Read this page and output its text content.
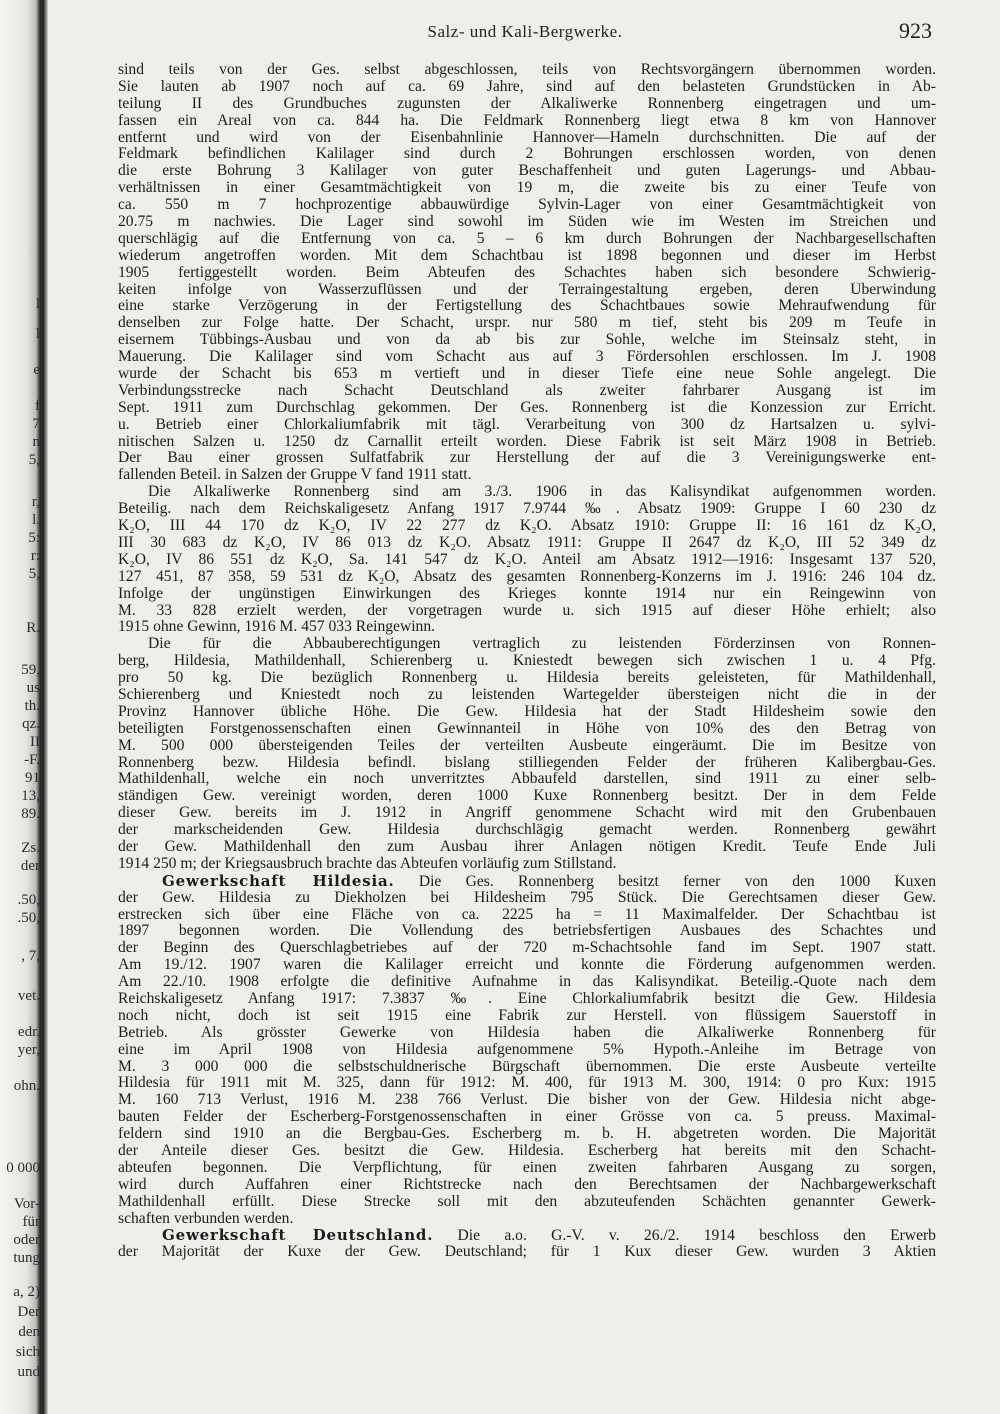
l
l
e
f
7
n
5,
r,
l.
5:
r:
5,
R.
59,
us
th.
qz.
II
-F.
91
13,
89.
Zs.
der
.50,
.50,
, 7,
vet.
edr.
yer,
ohn.
0 000
Vor-
für
oder
tung
a, 2)
Der
den
sich
und
Salz- und Kali-Bergwerke.	923
sind teils von der Ges. selbst abgeschlossen, teils von Rechtsvorgängern übernommen worden.
Sie lauten ab 1907 noch auf ca. 69 Jahre, sind auf den belasteten Grundstücken in Ab-
teilung II des Grundbuches zugunsten der Alkaliwerke Ronnenberg eingetragen und um-
fassen ein Areal von ca. 844 ha. Die Feldmark Ronnenberg liegt etwa 8 km von Hannover
entfernt und wird von der Eisenbahnlinie Hannover—Hameln durchschnitten. Die auf der
Feldmark befindlichen Kalilager sind durch 2 Bohrungen erschlossen worden, von denen
die erste Bohrung 3 Kalilager von guter Beschaffenheit und guten Lagerungs- und Abbau-
verhältnissen in einer Gesamtmächtigkeit von 19 m, die zweite bis zu einer Teufe von
ca. 550 m 7 hochprozentige abbauwürdige Sylvin-Lager von einer Gesamtmächtigkeit von
20.75 m nachwies. Die Lager sind sowohl im Süden wie im Westen im Streichen und
querschlägig auf die Entfernung von ca. 5 – 6 km durch Bohrungen der Nachbargesellschaften
wiederum angetroffen worden. Mit dem Schachtbau ist 1898 begonnen und dieser im Herbst
1905 fertiggestellt worden. Beim Abteufen des Schachtes haben sich besondere Schwierig-
keiten infolge von Wasserzuflüssen und der Terraingestaltung ergeben, deren Überwindung
eine starke Verzögerung in der Fertigstellung des Schachtbaues sowie Mehraufwendung für
denselben zur Folge hatte. Der Schacht, urspr. nur 580 m tief, steht bis 209 m Teufe in
eisernem Tübbings-Ausbau und von da ab bis zur Sohle, welche im Steinsalz steht, in
Mauerung. Die Kalilager sind vom Schacht aus auf 3 Fördersohlen erschlossen. Im J. 1908
wurde der Schacht bis 653 m vertieft und in dieser Tiefe eine neue Sohle angelegt. Die
Verbindungsstrecke nach Schacht Deutschland als zweiter fahrbarer Ausgang ist im
Sept. 1911 zum Durchschlag gekommen. Der Ges. Ronnenberg ist die Konzession zur Erricht.
u. Betrieb einer Chlorkaliumfabrik mit tägl. Verarbeitung von 300 dz Hartsalzen u. sylvi-
nitischen Salzen u. 1250 dz Carnallit erteilt worden. Diese Fabrik ist seit März 1908 in Betrieb.
Der Bau einer grossen Sulfatfabrik zur Herstellung der auf die 3 Vereinigungswerke ent-
fallenden Beteil. in Salzen der Gruppe V fand 1911 statt.
Die Alkaliwerke Ronnenberg sind am 3./3. 1906 in das Kalisyndikat aufgenommen worden.
Beteilig. nach dem Reichskaligesetz Anfang 1917 7.9744 ‰. Absatz 1909: Gruppe I 60 230 dz
K₂O, III 44 170 dz K₂O, IV 22 277 dz K₂O. Absatz 1910: Gruppe II: 16 161 dz K₂O,
III 30 683 dz K₂O, IV 86 013 dz K₂O. Absatz 1911: Gruppe II 2647 dz K₂O, III 52 349 dz
K₂O, IV 86 551 dz K₂O, Sa. 141 547 dz K₂O. Anteil am Absatz 1912—1916: Insgesamt 137 520,
127 451, 87 358, 59 531 dz K₂O, Absatz des gesamten Ronnenberg-Konzerns im J. 1916: 246 104 dz.
Infolge der ungünstigen Einwirkungen des Krieges konnte 1914 nur ein Reingewinn von
M. 33 828 erzielt werden, der vorgetragen wurde u. sich 1915 auf dieser Höhe erhielt; also
1915 ohne Gewinn, 1916 M. 457 033 Reingewinn.
Die für die Abbauberechtigungen vertraglich zu leistenden Förderzinsen von Ronnen-
berg, Hildesia, Mathildenhall, Schierenberg u. Kniestedt bewegen sich zwischen 1 u. 4 Pfg.
pro 50 kg. Die bezüglich Ronnenberg u. Hildesia bereits geleisteten, für Mathildenhall,
Schierenberg und Kniestedt noch zu leistenden Wartegelder übersteigen nicht die in der
Provinz Hannover übliche Höhe. Die Gew. Hildesia hat der Stadt Hildesheim sowie den
beteiligten Forstgenossenschaften einen Gewinnanteil in Höhe von 10% des den Betrag von
M. 500 000 übersteigenden Teiles der verteilten Ausbeute eingeräumt. Die im Besitze von
Ronnenberg bezw. Hildesia befindl. bislang stilliegenden Felder der früheren Kalibergbau-Ges.
Mathildenhall, welche ein noch unverritztes Abbaufeld darstellen, sind 1911 zu einer selb-
ständigen Gew. vereinigt worden, deren 1000 Kuxe Ronnenberg besitzt. Der in dem Felde
dieser Gew. bereits im J. 1912 in Angriff genommene Schacht wird mit den Grubenbauen
der markscheidenden Gew. Hildesia durchschlägig gemacht werden. Ronnenberg gewährt
der Gew. Mathildenhall den zum Ausbau ihrer Anlagen nötigen Kredit. Teufe Ende Juli
1914 250 m; der Kriegsausbruch brachte das Abteufen vorläufig zum Stillstand.
Gewerkschaft Hildesia. Die Ges. Ronnenberg besitzt ferner von den 1000 Kuxen
der Gew. Hildesia zu Diekholzen bei Hildesheim 795 Stück. Die Gerechtsamen dieser Gew.
erstrecken sich über eine Fläche von ca. 2225 ha = 11 Maximalfelder. Der Schachtbau ist
1897 begonnen worden. Die Vollendung des betriebsfertigen Ausbaues des Schachtes und
der Beginn des Querschlagbetriebes auf der 720 m-Schachtsohle fand im Sept. 1907 statt.
Am 19./12. 1907 waren die Kalilager erreicht und konnte die Förderung aufgenommen werden.
Am 22./10. 1908 erfolgte die definitive Aufnahme in das Kalisyndikat. Beteilig.-Quote nach dem
Reichskaligesetz Anfang 1917: 7.3837 ‰. Eine Chlorkaliumfabrik besitzt die Gew. Hildesia
noch nicht, doch ist seit 1915 eine Fabrik zur Herstell. von flüssigem Sauerstoff in
Betrieb. Als grösster Gewerke von Hildesia haben die Alkaliwerke Ronnenberg für
eine im April 1908 von Hildesia aufgenommene 5% Hypoth.-Anleihe im Betrage von
M. 3 000 000 die selbstschuldnerische Bürgschaft übernommen. Die erste Ausbeute verteilte
Hildesia für 1911 mit M. 325, dann für 1912: M. 400, für 1913 M. 300, 1914: 0 pro Kux: 1915
M. 160 713 Verlust, 1916 M. 238 766 Verlust. Die bisher von der Gew. Hildesia nicht abge-
bauten Felder der Escherberg-Forstgenossenschaften in einer Grösse von ca. 5 preuss. Maximal-
feldern sind 1910 an die Bergbau-Ges. Escherberg m. b. H. abgetreten worden. Die Majorität
der Anteile dieser Ges. besitzt die Gew. Hildesia. Escherberg hat bereits mit den Schacht-
abteufen begonnen. Die Verpflichtung, für einen zweiten fahrbaren Ausgang zu sorgen,
wird durch Auffahren einer Richtstrecke nach den Berechtsamen der Nachbargewerkschaft
Mathildenhall erfüllt. Diese Strecke soll mit den abzuteufenden Schächten genannter Gewerk-
schaften verbunden werden.
Gewerkschaft Deutschland. Die a.o. G.-V. v. 26./2. 1914 beschloss den Erwerb
der Majorität der Kuxe der Gew. Deutschland; für 1 Kux dieser Gew. wurden 3 Aktien
